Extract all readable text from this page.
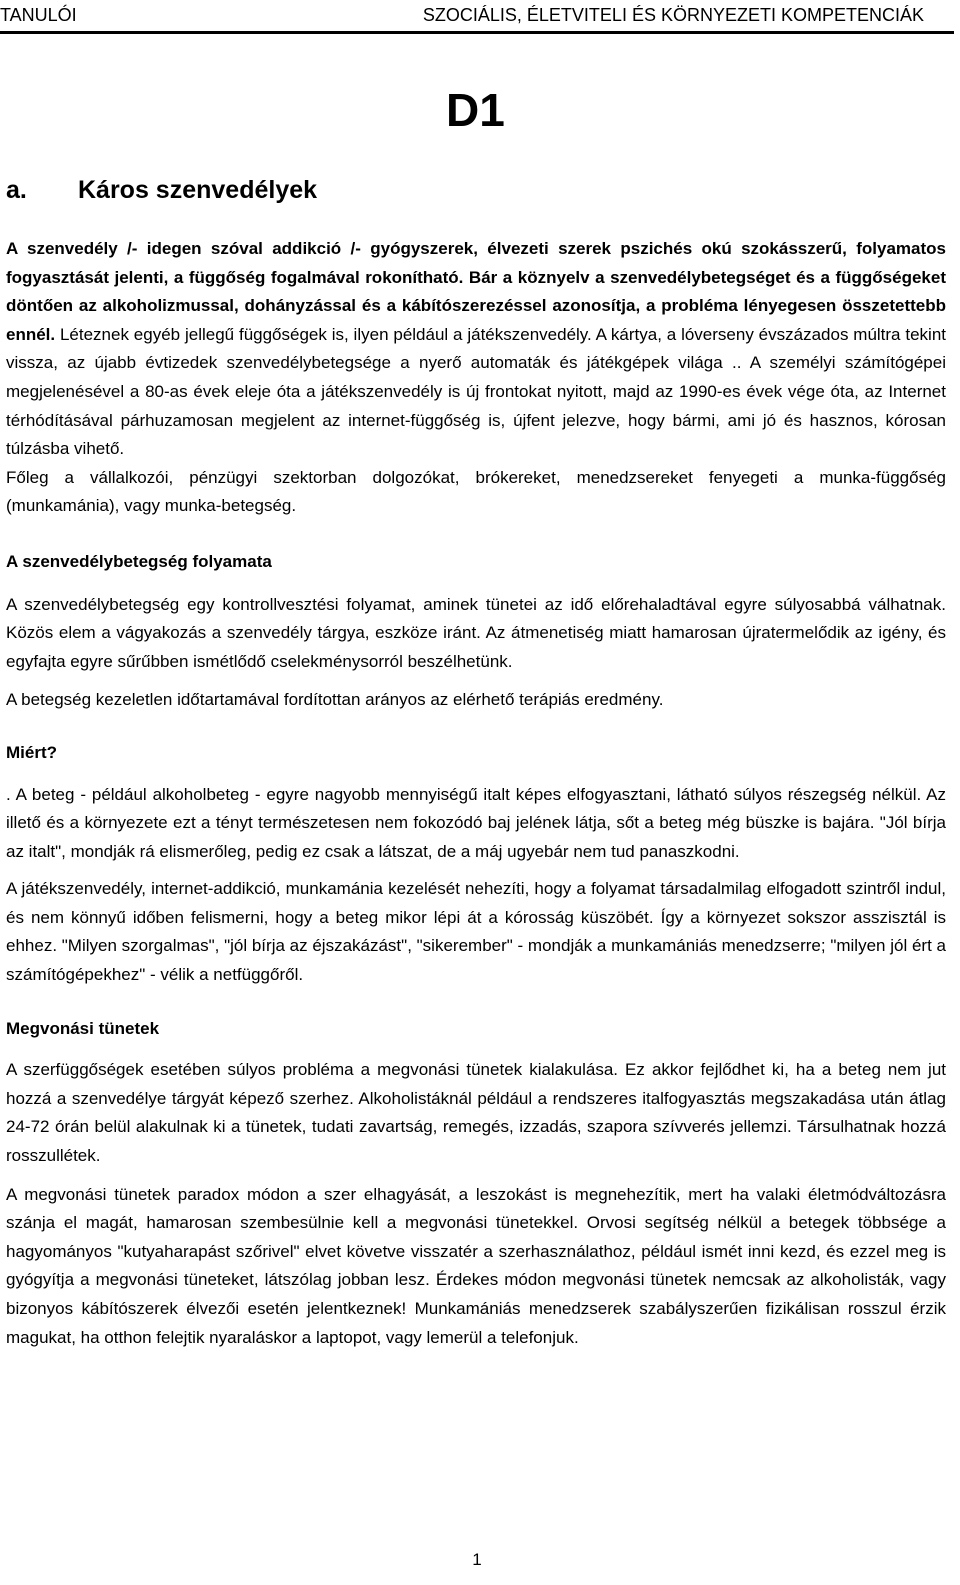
TANULÓI	SZOCIÁLIS, ÉLETVITELI ÉS KÖRNYEZETI KOMPETENCIÁK
D1
a. Káros szenvedélyek

A szenvedély /- idegen szóval addikció /- gyógyszerek, élvezeti szerek pszichés okú szokásszerű, folyamatos fogyasztását jelenti, a függőség fogalmával rokonítható. Bár a köznyelv a szenvedélybetegséget és a függőségeket döntően az alkoholizmussal, dohányzással és a kábítószerezéssel azonosítja, a probléma lényegesen összetettebb ennél. Léteznek egyéb jellegű függőségek is, ilyen például a játékszenvedély. A kártya, a lóverseny évszázados múltra tekint vissza, az újabb évtizedek szenvedélybetegsége a nyerő automaták és játékgépek világa .. A személyi számítógépei megjelenésével a 80-as évek eleje óta a játékszenvedély is új frontokat nyitott, majd az 1990-es évek vége óta, az Internet térhódításával párhuzamosan megjelent az internet-függőség is, újfent jelezve, hogy bármi, ami jó és hasznos, kórosan túlzásba vihető.

Főleg a vállalkozói, pénzügyi szektorban dolgozókat, brókereket, menedzsereket fenyegeti a munka-függőség (munkamánia), vagy munka-betegség.

A szenvedélybetegség folyamata

A szenvedélybetegség egy kontrollvesztési folyamat, aminek tünetei az idő előrehaladtával egyre súlyosabbá válhatnak. Közös elem a vágyakozás a szenvedély tárgya, eszköze iránt. Az átmenetiség miatt hamarosan újratermelődik az igény, és egyfajta egyre sűrűbben ismétlődő cselekménysorról beszélhetünk.

A betegség kezeletlen időtartamával fordítottan arányos az elérhető terápiás eredmény.

Miért?

. A beteg - például alkoholbeteg - egyre nagyobb mennyiségű italt képes elfogyasztani, látható súlyos részegség nélkül. Az illető és a környezete ezt a tényt természetesen nem fokozódó baj jelének látja, sőt a beteg még büszke is bajára. "Jól bírja az italt", mondják rá elismerőleg, pedig ez csak a látszat, de a máj ugyebár nem tud panaszkodni.

A játékszenvedély, internet-addikció, munkamánia kezelését nehezíti, hogy a folyamat társadalmilag elfogadott szintről indul, és nem könnyű időben felismerni, hogy a beteg mikor lépi át a kórosság küszöbét. Így a környezet sokszor asszisztál is ehhez. "Milyen szorgalmas", "jól bírja az éjszakázást", "sikerember" - mondják a munkamániás menedzserre; "milyen jól ért a számítógépekhez" - vélik a netfüggőről.

Megvonási tünetek

A szerfüggőségek esetében súlyos probléma a megvonási tünetek kialakulása. Ez akkor fejlődhet ki, ha a beteg nem jut hozzá a szenvedélye tárgyát képező szerhez. Alkoholistáknál például a rendszeres italfogyasztás megszakadása után átlag 24-72 órán belül alakulnak ki a tünetek, tudati zavartság, remegés, izzadás, szapora szívverés jellemzi. Társulhatnak hozzá rosszullétek.

A megvonási tünetek paradox módon a szer elhagyását, a leszokást is megnehezítik, mert ha valaki életmódváltozásra szánja el magát, hamarosan szembesülnie kell a megvonási tünetekkel. Orvosi segítség nélkül a betegek többsége a hagyományos "kutyaharapást szőrivel" elvet követve visszatér a szerhasználathoz, például ismét inni kezd, és ezzel meg is gyógyítja a megvonási tüneteket, látszólag jobban lesz. Érdekes módon megvonási tünetek nemcsak az alkoholisták, vagy bizonyos kábítószerek élvezői esetén jelentkeznek! Munkamániás menedzserek szabályszerűen fizikálisan rosszul érzik magukat, ha otthon felejtik nyaraláskor a laptopot, vagy lemerül a telefonjuk.

1
